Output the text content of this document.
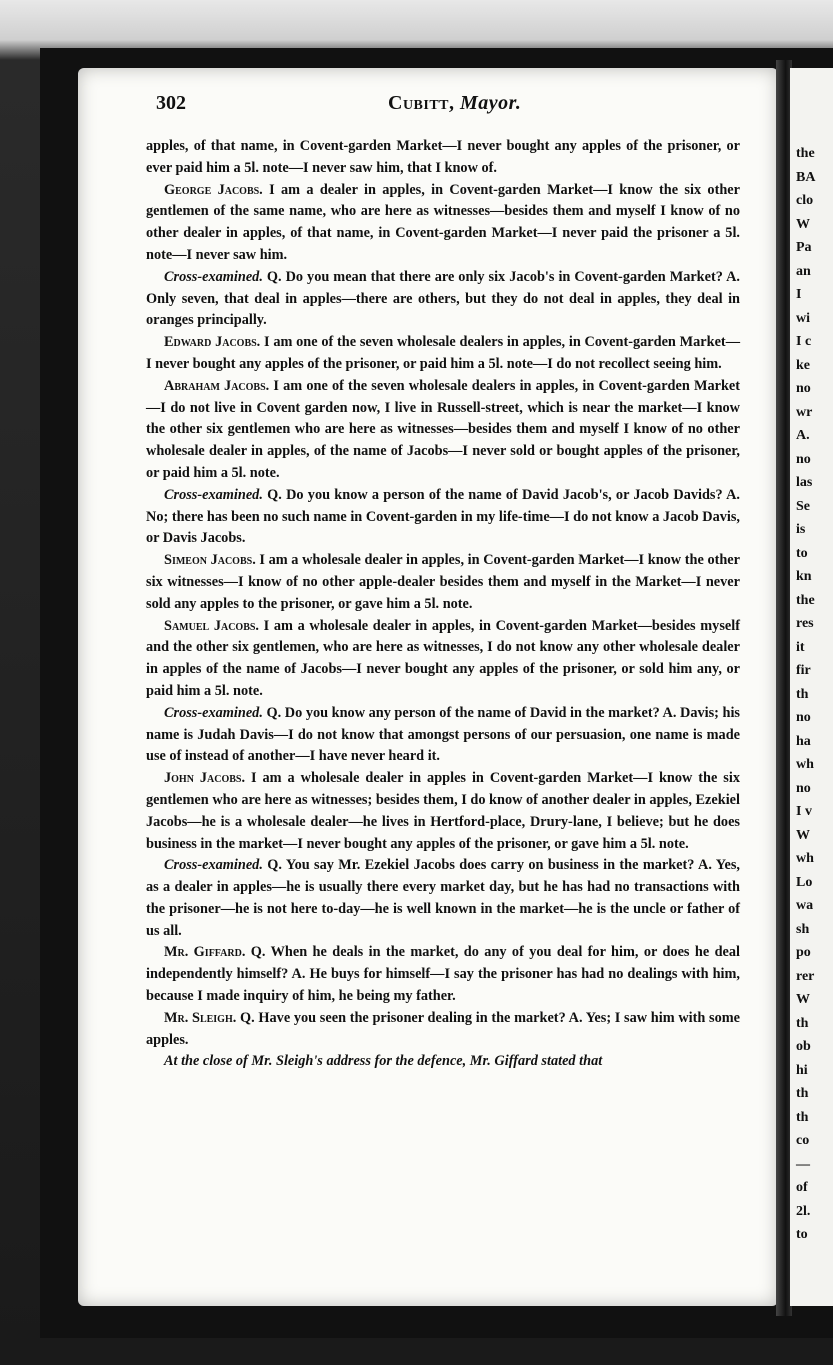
the
BA
clo
W
Pa
an
I
wi
I c
ke
no
wr
A.
no
las
Se
is
to
kn
the
res
it
fir
th
no
ha
wh
no
I v
W
wh
Lo
wa
sh
po
rer
W
th
ob
hi
th
th
co
—
of
2l.
to
302	Cubitt, Mayor.

apples, of that name, in Covent-garden Market—I never bought any apples of the prisoner, or ever paid him a 5l. note—I never saw him, that I know of.

George Jacobs. I am a dealer in apples, in Covent-garden Market—I know the six other gentlemen of the same name, who are here as witnesses—besides them and myself I know of no other dealer in apples, of that name, in Covent-garden Market—I never paid the prisoner a 5l. note—I never saw him.

Cross-examined. Q. Do you mean that there are only six Jacob's in Covent-garden Market? A. Only seven, that deal in apples—there are others, but they do not deal in apples, they deal in oranges principally.

Edward Jacobs. I am one of the seven wholesale dealers in apples, in Covent-garden Market—I never bought any apples of the prisoner, or paid him a 5l. note—I do not recollect seeing him.

Abraham Jacobs. I am one of the seven wholesale dealers in apples, in Covent-garden Market—I do not live in Covent garden now, I live in Russell-street, which is near the market—I know the other six gentlemen who are here as witnesses—besides them and myself I know of no other wholesale dealer in apples, of the name of Jacobs—I never sold or bought apples of the prisoner, or paid him a 5l. note.

Cross-examined. Q. Do you know a person of the name of David Jacob's, or Jacob Davids? A. No; there has been no such name in Covent-garden in my life-time—I do not know a Jacob Davis, or Davis Jacobs.

Simeon Jacobs. I am a wholesale dealer in apples, in Covent-garden Market—I know the other six witnesses—I know of no other apple-dealer besides them and myself in the Market—I never sold any apples to the prisoner, or gave him a 5l. note.

Samuel Jacobs. I am a wholesale dealer in apples, in Covent-garden Market—besides myself and the other six gentlemen, who are here as witnesses, I do not know any other wholesale dealer in apples of the name of Jacobs—I never bought any apples of the prisoner, or sold him any, or paid him a 5l. note.

Cross-examined. Q. Do you know any person of the name of David in the market? A. Davis; his name is Judah Davis—I do not know that amongst persons of our persuasion, one name is made use of instead of another—I have never heard it.

John Jacobs. I am a wholesale dealer in apples in Covent-garden Market—I know the six gentlemen who are here as witnesses; besides them, I do know of another dealer in apples, Ezekiel Jacobs—he is a wholesale dealer—he lives in Hertford-place, Drury-lane, I believe; but he does business in the market—I never bought any apples of the prisoner, or gave him a 5l. note.

Cross-examined. Q. You say Mr. Ezekiel Jacobs does carry on business in the market? A. Yes, as a dealer in apples—he is usually there every market day, but he has had no transactions with the prisoner—he is not here to-day—he is well known in the market—he is the uncle or father of us all.

Mr. Giffard. Q. When he deals in the market, do any of you deal for him, or does he deal independently himself? A. He buys for himself—I say the prisoner has had no dealings with him, because I made inquiry of him, he being my father.

Mr. Sleigh. Q. Have you seen the prisoner dealing in the market? A. Yes; I saw him with some apples.

At the close of Mr. Sleigh's address for the defence, Mr. Giffard stated that
